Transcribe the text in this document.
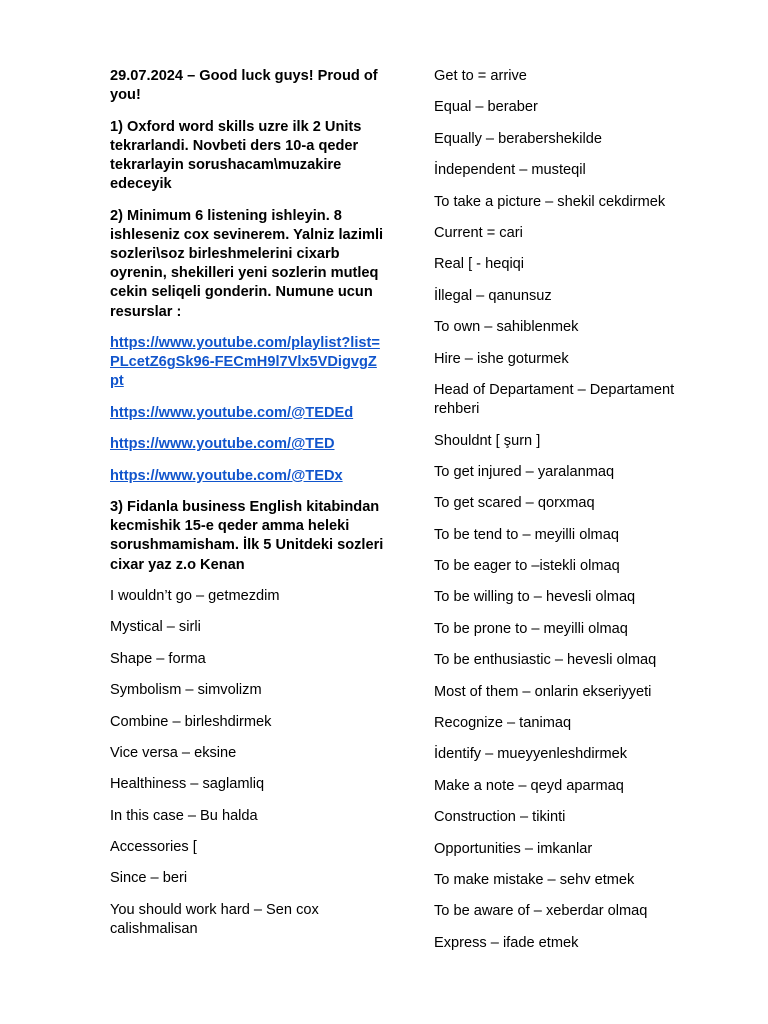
29.07.2024 – Good luck guys! Proud of you!

1) Oxford word skills uzre ilk 2 Units tekrarlandi. Novbeti ders 10-a qeder tekrarlayin sorushacam\muzakire edeceyik

2) Minimum 6 listening ishleyin. 8 ishleseniz cox sevinerem. Yalniz lazimli sozleri\soz birleshmelerini cixarb oyrenin, shekilleri yeni sozlerin mutleq cekin seliqeli gonderin. Numune ucun resurslar :

https://www.youtube.com/playlist?list=PLcetZ6gSk96-FECmH9l7Vlx5VDigvgZpt

https://www.youtube.com/@TEDEd

https://www.youtube.com/@TED

https://www.youtube.com/@TEDx

3) Fidanla business English kitabindan kecmishik 15-e qeder amma heleki sorushmamisham. İlk 5 Unitdeki sozleri cixar yaz z.o Kenan

I wouldn’t go – getmezdim

Mystical – sirli

Shape – forma

Symbolism – simvolizm

Combine – birleshdirmek

Vice versa – eksine

Healthiness – saglamliq

In this case – Bu halda

Accessories [

Since – beri

You should work hard – Sen cox calishmalisan

Get to = arrive

Equal – beraber

Equally – berabershekilde

İndependent – musteqil

To take a picture – shekil cekdirmek

Current = cari

Real [ - heqiqi

İllegal – qanunsuz

To own – sahiblenmek

Hire – ishe goturmek

Head of Departament – Departament rehberi

Shouldnt [ şurn ]

To get injured – yaralanmaq

To get scared – qorxmaq

To be tend to – meyilli olmaq

To be eager to –istekli olmaq

To be willing to – hevesli olmaq

To be prone to – meyilli olmaq

To be enthusiastic – hevesli olmaq

Most of them – onlarin ekseriyyeti

Recognize – tanimaq

İdentify – mueyyenleshdirmek

Make a note – qeyd aparmaq

Construction – tikinti

Opportunities – imkanlar

To make mistake – sehv etmek

To be aware of – xeberdar olmaq

Express – ifade etmek
